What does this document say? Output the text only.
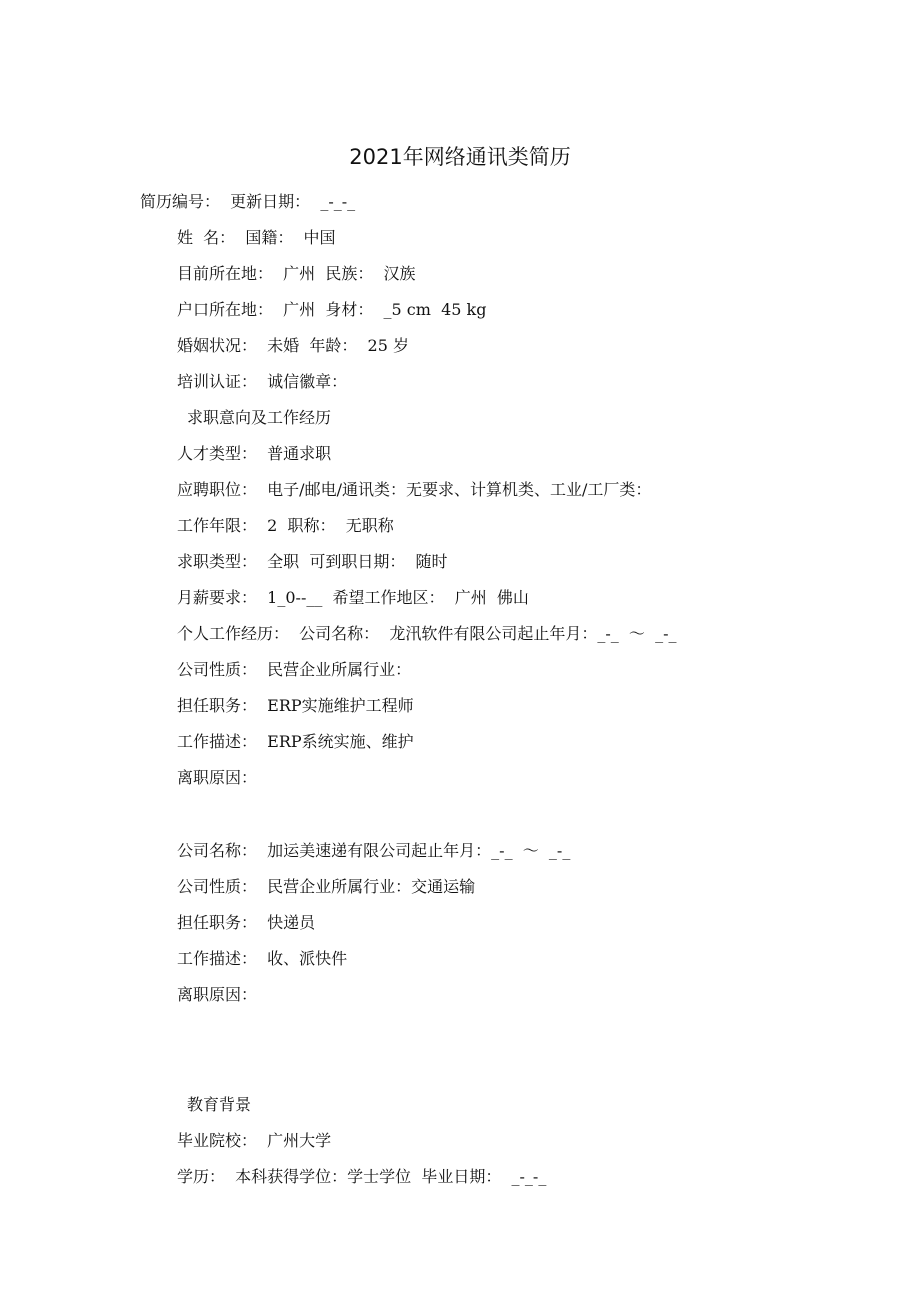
2021年网络通讯类简历
简历编号：  更新日期：  _-_-_
姓  名：  国籍：  中国
目前所在地：  广州  民族：  汉族
户口所在地：  广州  身材：  _5 cm  45 kg
婚姻状况：  未婚  年龄：  25 岁
培训认证：  诚信徽章：
求职意向及工作经历
人才类型：  普通求职
应聘职位：  电子/邮电/通讯类：无要求、计算机类、工业/工厂类：
工作年限：  2  职称：  无职称
求职类型：  全职  可到职日期：  随时
月薪要求：  1_0--__  希望工作地区：  广州  佛山
个人工作经历：  公司名称：  龙汛软件有限公司起止年月：_-_  ～  _-_
公司性质：  民营企业所属行业：
担任职务：  ERP实施维护工程师
工作描述：  ERP系统实施、维护
离职原因：
公司名称：  加运美速递有限公司起止年月：_-_  ～  _-_
公司性质：  民营企业所属行业：交通运输
担任职务：  快递员
工作描述：  收、派快件
离职原因：
教育背景
毕业院校：  广州大学
学历：  本科获得学位：学士学位  毕业日期：  _-_-_
